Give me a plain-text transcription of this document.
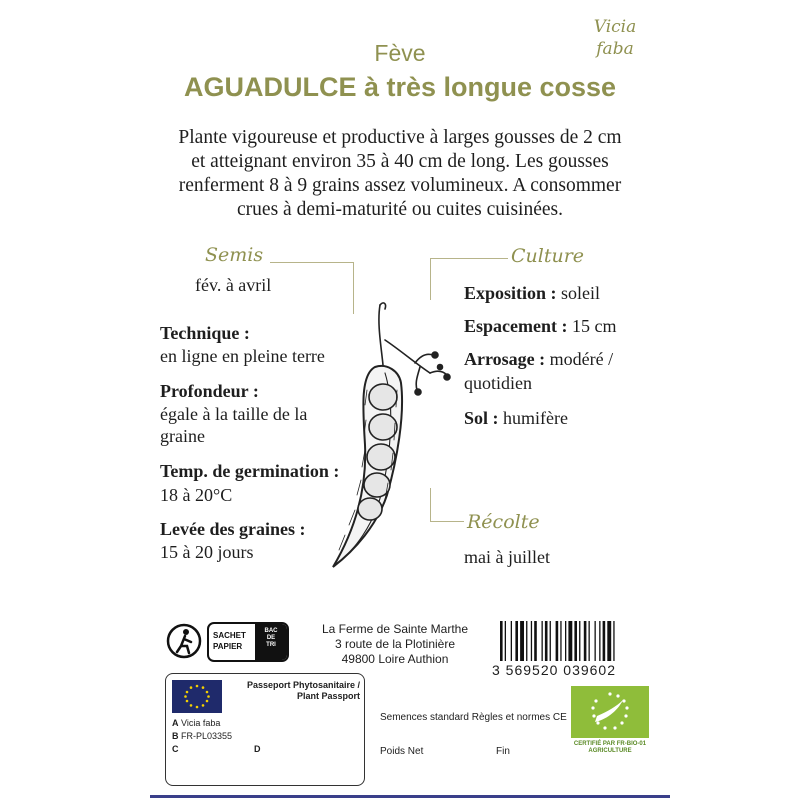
Vicia
faba
Fève
AGUADULCE à très longue cosse
Plante vigoureuse et productive à larges gousses de 2 cm
et atteignant environ 35 à 40 cm de long. Les gousses
renferment 8 à 9 grains assez volumineux. A consommer
crues à demi-maturité ou cuites cuisinées.
Semis
fév. à avril
Technique :
en ligne en pleine terre
Profondeur :
égale à la taille de la
graine
Temp. de germination :
18 à 20°C
Levée des graines :
15 à 20 jours
Culture
Exposition : soleil
Espacement : 15 cm
Arrosage : modéré /
quotidien
Sol : humifère
Récolte
mai à juillet
SACHET
PAPIER
BAC
DE
TRI
La Ferme de Sainte Marthe
3 route de la Plotinière
49800 Loire Authion
3 569520 039602
Passeport Phytosanitaire /
Plant Passport
A Vicia faba
B FR-PL03355
C	D
Semences standard Règles et normes CE
Poids Net	Fin
CERTIFIÉ PAR FR-BIO-01
AGRICULTURE
